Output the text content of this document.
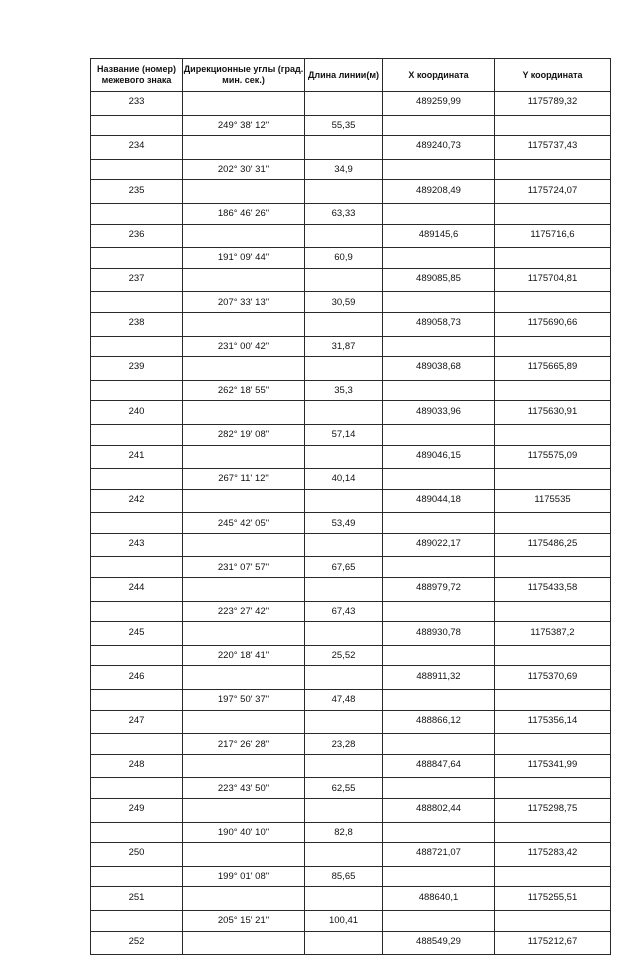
Название (номер) межевого знака	Дирекционные углы (град. мин. сек.)	Длина линии(м)	X координата	Y координата
233			489259,99	1175789,32
	249° 38' 12"	55,35		
234			489240,73	1175737,43
	202° 30' 31"	34,9		
235			489208,49	1175724,07
	186° 46' 26"	63,33		
236			489145,6	1175716,6
	191° 09' 44"	60,9		
237			489085,85	1175704,81
	207° 33' 13"	30,59		
238			489058,73	1175690,66
	231° 00' 42"	31,87		
239			489038,68	1175665,89
	262° 18' 55"	35,3		
240			489033,96	1175630,91
	282° 19' 08"	57,14		
241			489046,15	1175575,09
	267° 11' 12"	40,14		
242			489044,18	1175535
	245° 42' 05"	53,49		
243			489022,17	1175486,25
	231° 07' 57"	67,65		
244			488979,72	1175433,58
	223° 27' 42"	67,43		
245			488930,78	1175387,2
	220° 18' 41"	25,52		
246			488911,32	1175370,69
	197° 50' 37"	47,48		
247			488866,12	1175356,14
	217° 26' 28"	23,28		
248			488847,64	1175341,99
	223° 43' 50"	62,55		
249			488802,44	1175298,75
	190° 40' 10"	82,8		
250			488721,07	1175283,42
	199° 01' 08"	85,65		
251			488640,1	1175255,51
	205° 15' 21"	100,41		
252			488549,29	1175212,67
